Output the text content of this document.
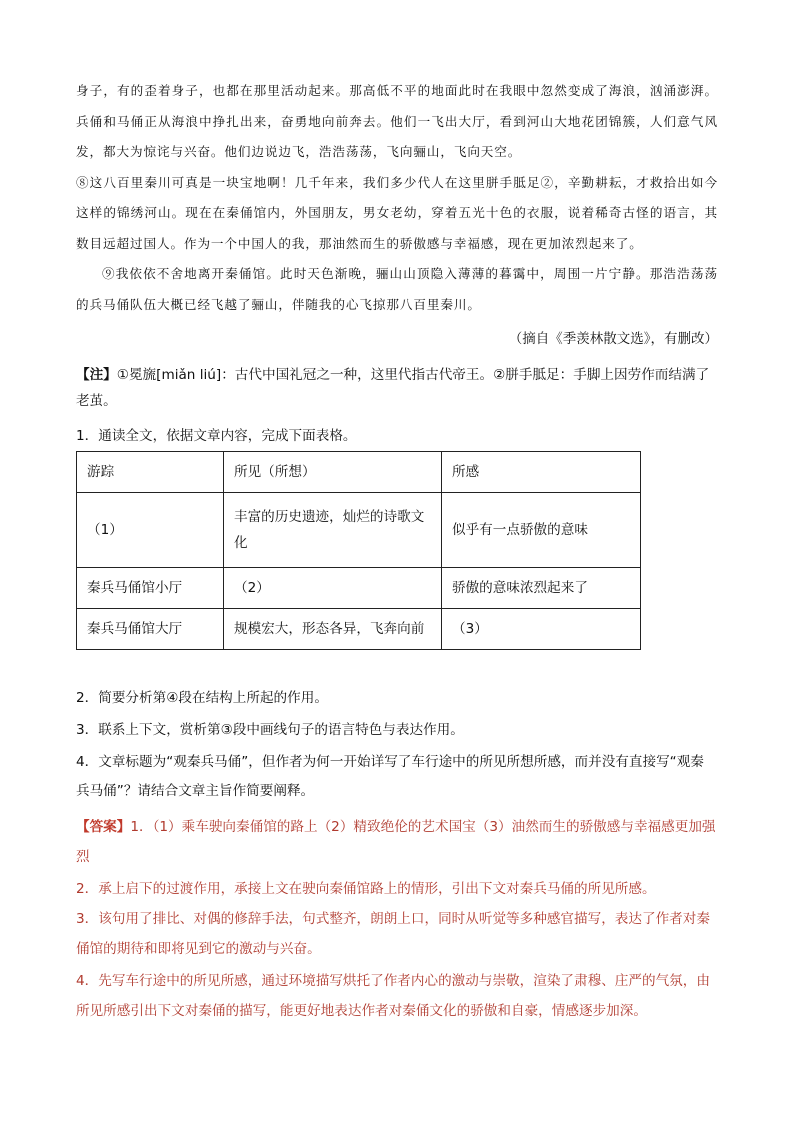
身子，有的歪着身子，也都在那里活动起来。那高低不平的地面此时在我眼中忽然变成了海浪，汹涌澎湃。兵俑和马俑正从海浪中挣扎出来，奋勇地向前奔去。他们一飞出大厅，看到河山大地花团锦簇，人们意气风发，都大为惊诧与兴奋。他们边说边飞，浩浩荡荡，飞向骊山，飞向天空。

⑧这八百里秦川可真是一块宝地啊！几千年来，我们多少代人在这里胼手胝足②，辛勤耕耘，才救拾出如今这样的锦绣河山。现在在秦俑馆内，外国朋友，男女老幼，穿着五光十色的衣服，说着稀奇古怪的语言，其数目远超过国人。作为一个中国人的我，那油然而生的骄傲感与幸福感，现在更加浓烈起来了。

⑨我依依不舍地离开秦俑馆。此时天色渐晚，骊山山顶隐入薄薄的暮霭中，周围一片宁静。那浩浩荡荡的兵马俑队伍大概已经飞越了骊山，伴随我的心飞掠那八百里秦川。

（摘自《季羡林散文选》，有删改）
【注】①冕旒[miǎn liú]：古代中国礼冠之一种，这里代指古代帝王。②胼手胝足：手脚上因劳作而结满了老茧。
1．通读全文，依据文章内容，完成下面表格。
游踪	所见（所想）	所感
（1）	丰富的历史遗迹，灿烂的诗歌文化	似乎有一点骄傲的意味
秦兵马俑馆小厅	（2）	骄傲的意味浓烈起来了
秦兵马俑馆大厅	规模宏大，形态各异，飞奔向前	（3）
2．简要分析第④段在结构上所起的作用。
3．联系上下文，赏析第③段中画线句子的语言特色与表达作用。
4．文章标题为“观秦兵马俑”，但作者为何一开始详写了车行途中的所见所想所感，而并没有直接写“观秦兵马俑”？请结合文章主旨作简要阐释。
【答案】1．（1）乘车驶向秦俑馆的路上（2）精致绝伦的艺术国宝（3）油然而生的骄傲感与幸福感更加强烈
2．承上启下的过渡作用，承接上文在驶向秦俑馆路上的情形，引出下文对秦兵马俑的所见所感。
3．该句用了排比、对偶的修辞手法，句式整齐，朗朗上口，同时从听觉等多种感官描写，表达了作者对秦俑馆的期待和即将见到它的激动与兴奋。
4．先写车行途中的所见所感，通过环境描写烘托了作者内心的激动与崇敬，渲染了肃穆、庄严的气氛，由所见所感引出下文对秦俑的描写，能更好地表达作者对秦俑文化的骄傲和自豪，情感逐步加深。
